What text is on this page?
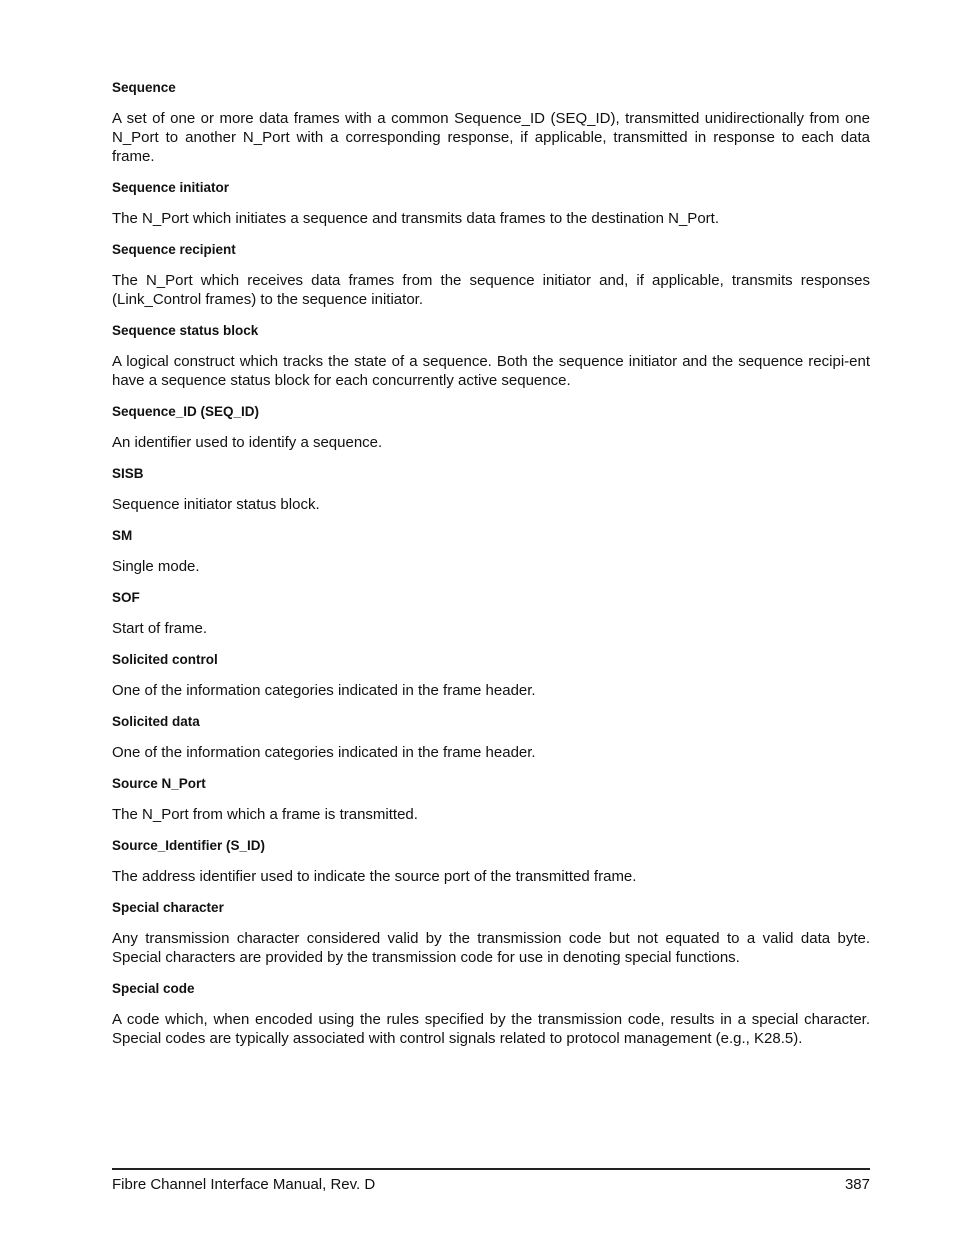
Sequence
A set of one or more data frames with a common Sequence_ID (SEQ_ID), transmitted unidirectionally from one N_Port to another N_Port with a corresponding response, if applicable, transmitted in response to each data frame.
Sequence initiator
The N_Port which initiates a sequence and transmits data frames to the destination N_Port.
Sequence recipient
The N_Port which receives data frames from the sequence initiator and, if applicable, transmits responses (Link_Control frames) to the sequence initiator.
Sequence status block
A logical construct which tracks the state of a sequence. Both the sequence initiator and the sequence recipi-ent have a sequence status block for each concurrently active sequence.
Sequence_ID (SEQ_ID)
An identifier used to identify a sequence.
SISB
Sequence initiator status block.
SM
Single mode.
SOF
Start of frame.
Solicited control
One of the information categories indicated in the frame header.
Solicited data
One of the information categories indicated in the frame header.
Source N_Port
The N_Port from which a frame is transmitted.
Source_Identifier (S_ID)
The address identifier used to indicate the source port of the transmitted frame.
Special character
Any transmission character considered valid by the transmission code but not equated to a valid data byte. Special characters are provided by the transmission code for use in denoting special functions.
Special code
A code which, when encoded using the rules specified by the transmission code, results in a special character. Special codes are typically associated with control signals related to protocol management (e.g., K28.5).
Fibre Channel Interface Manual, Rev. D	387
